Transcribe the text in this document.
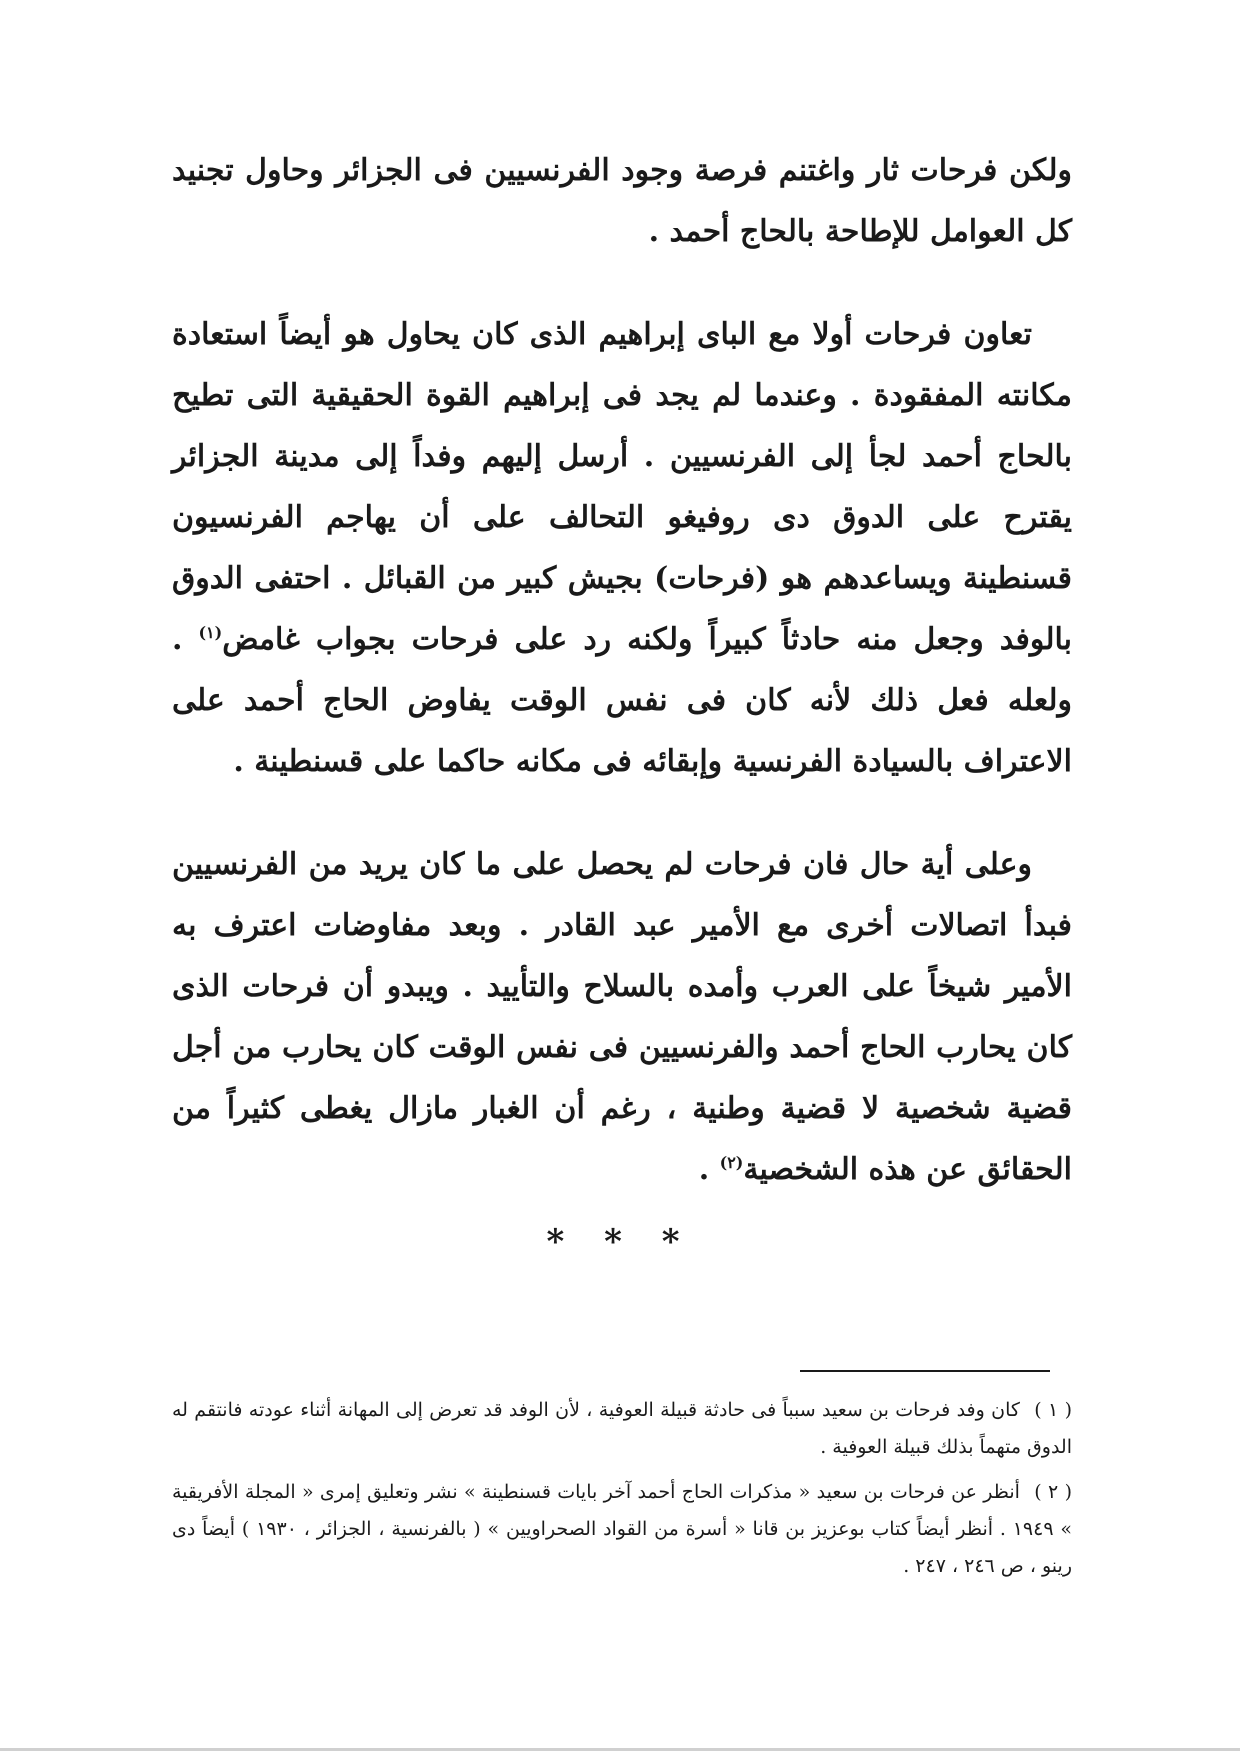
ولكن فرحات ثار واغتنم فرصة وجود الفرنسيين فى الجزائر وحاول تجنيد كل العوامل للإطاحة بالحاج أحمد .

تعاون فرحات أولا مع الباى إبراهيم الذى كان يحاول هو أيضاً استعادة مكانته المفقودة . وعندما لم يجد فى إبراهيم القوة الحقيقية التى تطيح بالحاج أحمد لجأ إلى الفرنسيين . أرسل إليهم وفداً إلى مدينة الجزائر يقترح على الدوق دى روفيغو التحالف على أن يهاجم الفرنسيون قسنطينة ويساعدهم هو (فرحات) بجيش كبير من القبائل . احتفى الدوق بالوفد وجعل منه حادثاً كبيراً ولكنه رد على فرحات بجواب غامض$^{(١)}$ . ولعله فعل ذلك لأنه كان فى نفس الوقت يفاوض الحاج أحمد على الاعتراف بالسيادة الفرنسية وإبقائه فى مكانه حاكما على قسنطينة .

وعلى أية حال فان فرحات لم يحصل على ما كان يريد من الفرنسيين فبدأ اتصالات أخرى مع الأمير عبد القادر . وبعد مفاوضات اعترف به الأمير شيخاً على العرب وأمده بالسلاح والتأييد . ويبدو أن فرحات الذى كان يحارب الحاج أحمد والفرنسيين فى نفس الوقت كان يحارب من أجل قضية شخصية لا قضية وطنية ، رغم أن الغبار مازال يغطى كثيراً من الحقائق عن هذه الشخصية$^{(٢)}$ .

* * *

( ١ ) كان وفد فرحات بن سعيد سبباً فى حادثة قبيلة العوفية ، لأن الوفد قد تعرض إلى المهانة أثناء عودته فانتقم له الدوق متهماً بذلك قبيلة العوفية .

( ٢ ) أنظر عن فرحات بن سعيد « مذكرات الحاج أحمد آخر بايات قسنطينة » نشر وتعليق إمرى « المجلة الأفريقية » ١٩٤٩ . أنظر أيضاً كتاب بوعزيز بن قانا « أسرة من القواد الصحراويين » ( بالفرنسية ، الجزائر ، ١٩٣٠ ) أيضاً دى رينو ، ص ٢٤٦ ، ٢٤٧ .
